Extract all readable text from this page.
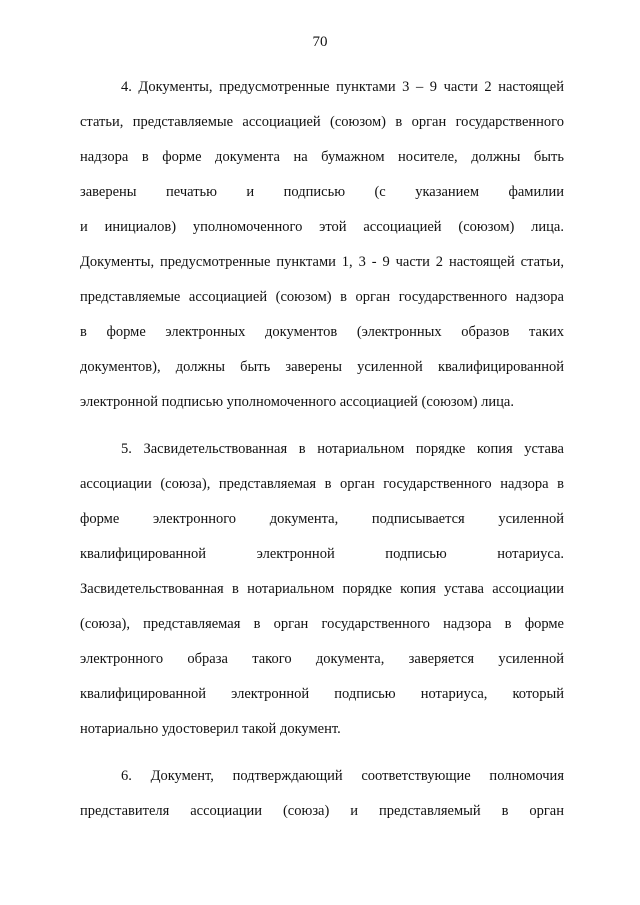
70
4. Документы, предусмотренные пунктами 3 – 9 части 2 настоящей
статьи, представляемые ассоциацией (союзом) в орган государственного
надзора в форме документа на бумажном носителе, должны быть
заверены печатью и подписью (с указанием фамилии
и инициалов) уполномоченного этой ассоциацией (союзом) лица.
Документы, предусмотренные пунктами 1, 3 - 9 части 2 настоящей статьи,
представляемые ассоциацией (союзом) в орган государственного надзора
в форме электронных документов (электронных образов таких
документов), должны быть заверены усиленной квалифицированной
электронной подписью уполномоченного ассоциацией (союзом) лица.
5. Засвидетельствованная в нотариальном порядке копия устава
ассоциации (союза), представляемая в орган государственного надзора в
форме электронного документа, подписывается усиленной
квалифицированной электронной подписью нотариуса.
Засвидетельствованная в нотариальном порядке копия устава ассоциации
(союза), представляемая в орган государственного надзора в форме
электронного образа такого документа, заверяется усиленной
квалифицированной электронной подписью нотариуса, который
нотариально удостоверил такой документ.
6. Документ, подтверждающий соответствующие полномочия
представителя ассоциации (союза) и представляемый в орган
